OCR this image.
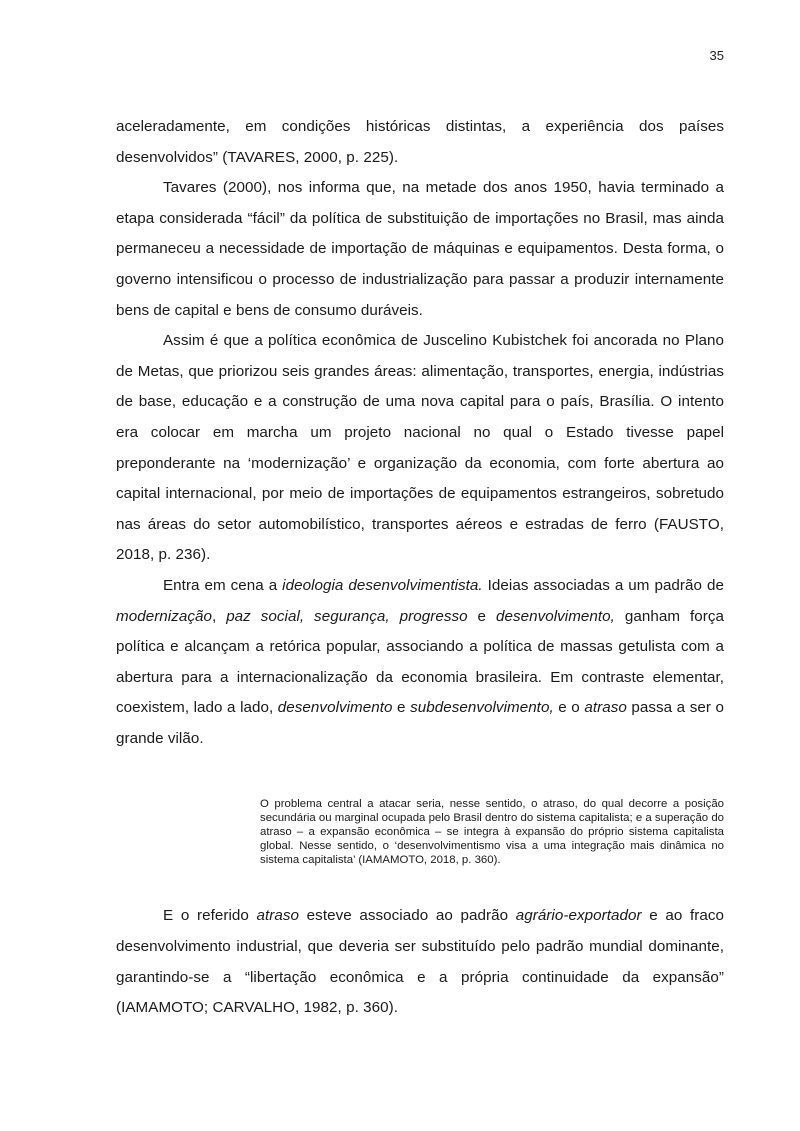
35

aceleradamente, em condições históricas distintas, a experiência dos países desenvolvidos” (TAVARES, 2000, p. 225).

Tavares (2000), nos informa que, na metade dos anos 1950, havia terminado a etapa considerada “fácil” da política de substituição de importações no Brasil, mas ainda permaneceu a necessidade de importação de máquinas e equipamentos. Desta forma, o governo intensificou o processo de industrialização para passar a produzir internamente bens de capital e bens de consumo duráveis.

Assim é que a política econômica de Juscelino Kubistchek foi ancorada no Plano de Metas, que priorizou seis grandes áreas: alimentação, transportes, energia, indústrias de base, educação e a construção de uma nova capital para o país, Brasília. O intento era colocar em marcha um projeto nacional no qual o Estado tivesse papel preponderante na ‘modernização’ e organização da economia, com forte abertura ao capital internacional, por meio de importações de equipamentos estrangeiros, sobretudo nas áreas do setor automobilístico, transportes aéreos e estradas de ferro (FAUSTO, 2018, p. 236).

Entra em cena a ideologia desenvolvimentista. Ideias associadas a um padrão de modernização, paz social, segurança, progresso e desenvolvimento, ganham força política e alcançam a retórica popular, associando a política de massas getulista com a abertura para a internacionalização da economia brasileira. Em contraste elementar, coexistem, lado a lado, desenvolvimento e subdesenvolvimento, e o atraso passa a ser o grande vilão.

O problema central a atacar seria, nesse sentido, o atraso, do qual decorre a posição secundária ou marginal ocupada pelo Brasil dentro do sistema capitalista; e a superação do atraso – a expansão econômica – se integra à expansão do próprio sistema capitalista global. Nesse sentido, o ‘desenvolvimentismo visa a uma integração mais dinâmica no sistema capitalista’ (IAMAMOTO, 2018, p. 360).

E o referido atraso esteve associado ao padrão agrário-exportador e ao fraco desenvolvimento industrial, que deveria ser substituído pelo padrão mundial dominante, garantindo-se a “libertação econômica e a própria continuidade da expansão” (IAMAMOTO; CARVALHO, 1982, p. 360).
